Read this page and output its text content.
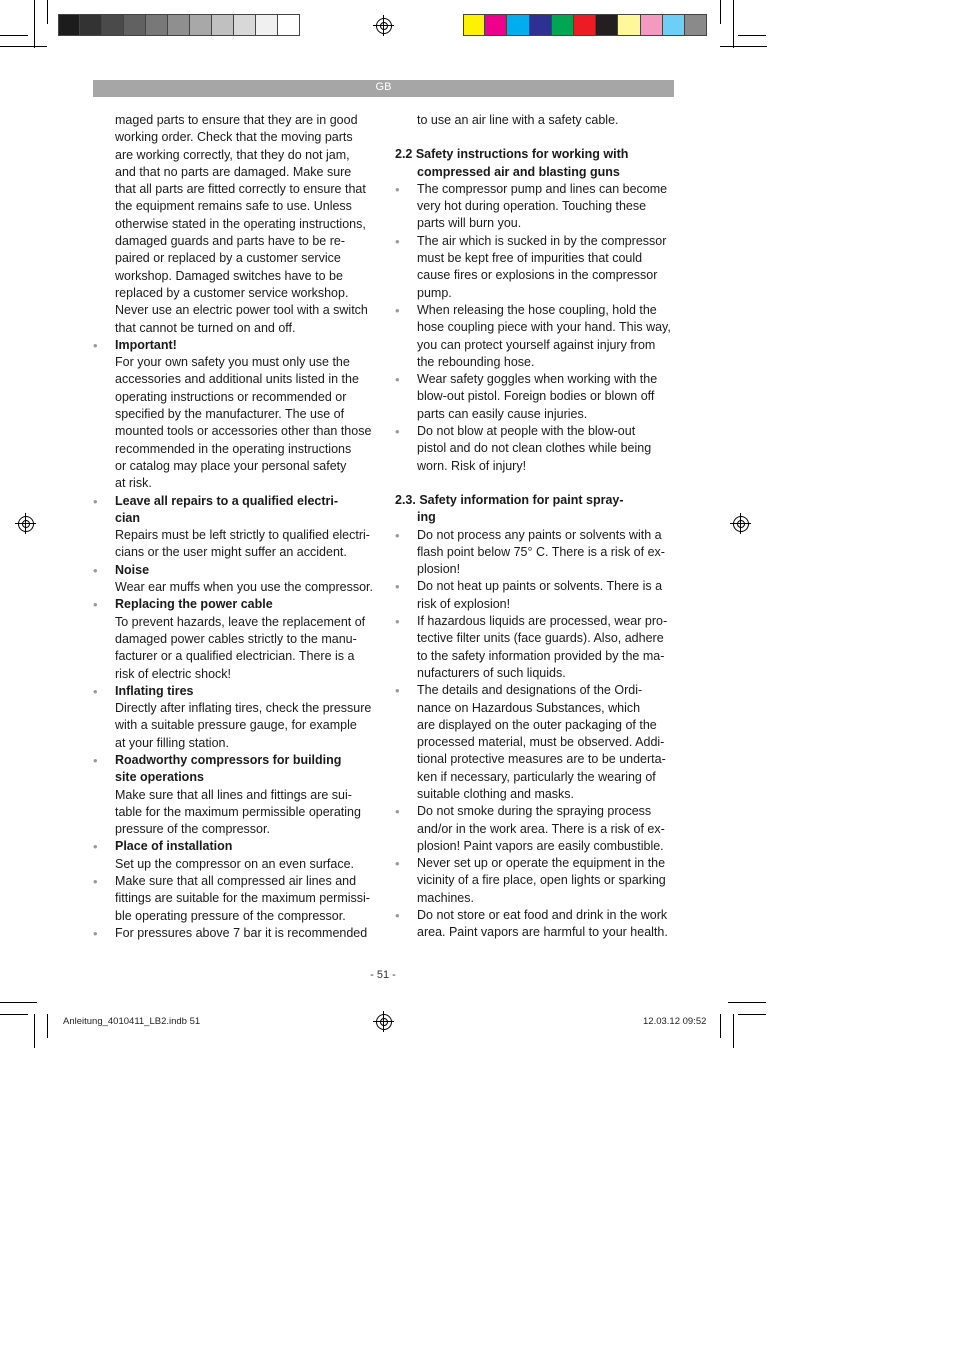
GB
maged parts to ensure that they are in good
working order. Check that the moving parts
are working correctly, that they do not jam,
and that no parts are damaged. Make sure
that all parts are fitted correctly to ensure that
the equipment remains safe to use. Unless
otherwise stated in the operating instructions,
damaged guards and parts have to be re-
paired or replaced by a customer service
workshop. Damaged switches have to be
replaced by a customer service workshop.
Never use an electric power tool with a switch
that cannot be turned on and off.
• Important!
For your own safety you must only use the
accessories and additional units listed in the
operating instructions or recommended or
specified by the manufacturer. The use of
mounted tools or accessories other than those
recommended in the operating instructions
or catalog may place your personal safety
at risk.
• Leave all repairs to a qualified electri-
cian
Repairs must be left strictly to qualified electri-
cians or the user might suffer an accident.
• Noise
Wear ear muffs when you use the compressor.
• Replacing the power cable
To prevent hazards, leave the replacement of
damaged power cables strictly to the manu-
facturer or a qualified electrician. There is a
risk of electric shock!
• Inflating tires
Directly after inflating tires, check the pressure
with a suitable pressure gauge, for example
at your filling station.
• Roadworthy compressors for building
site operations
Make sure that all lines and fittings are sui-
table for the maximum permissible operating
pressure of the compressor.
• Place of installation
Set up the compressor on an even surface.
• Make sure that all compressed air lines and
fittings are suitable for the maximum permissi-
ble operating pressure of the compressor.
• For pressures above 7 bar it is recommended
to use an air line with a safety cable.
2.2 Safety instructions for working with
compressed air and blasting guns
• The compressor pump and lines can become
very hot during operation. Touching these
parts will burn you.
• The air which is sucked in by the compressor
must be kept free of impurities that could
cause fires or explosions in the compressor
pump.
• When releasing the hose coupling, hold the
hose coupling piece with your hand. This way,
you can protect yourself against injury from
the rebounding hose.
• Wear safety goggles when working with the
blow-out pistol. Foreign bodies or blown off
parts can easily cause injuries.
• Do not blow at people with the blow-out
pistol and do not clean clothes while being
worn. Risk of injury!
2.3. Safety information for paint spray-
ing
• Do not process any paints or solvents with a
flash point below 75° C. There is a risk of ex-
plosion!
• Do not heat up paints or solvents. There is a
risk of explosion!
• If hazardous liquids are processed, wear pro-
tective filter units (face guards). Also, adhere
to the safety information provided by the ma-
nufacturers of such liquids.
• The details and designations of the Ordi-
nance on Hazardous Substances, which
are displayed on the outer packaging of the
processed material, must be observed. Addi-
tional protective measures are to be underta-
ken if necessary, particularly the wearing of
suitable clothing and masks.
• Do not smoke during the spraying process
and/or in the work area. There is a risk of ex-
plosion! Paint vapors are easily combustible.
• Never set up or operate the equipment in the
vicinity of a fire place, open lights or sparking
machines.
• Do not store or eat food and drink in the work
area. Paint vapors are harmful to your health.
- 51 -
Anleitung_4010411_LB2.indb 51	12.03.12 09:52
